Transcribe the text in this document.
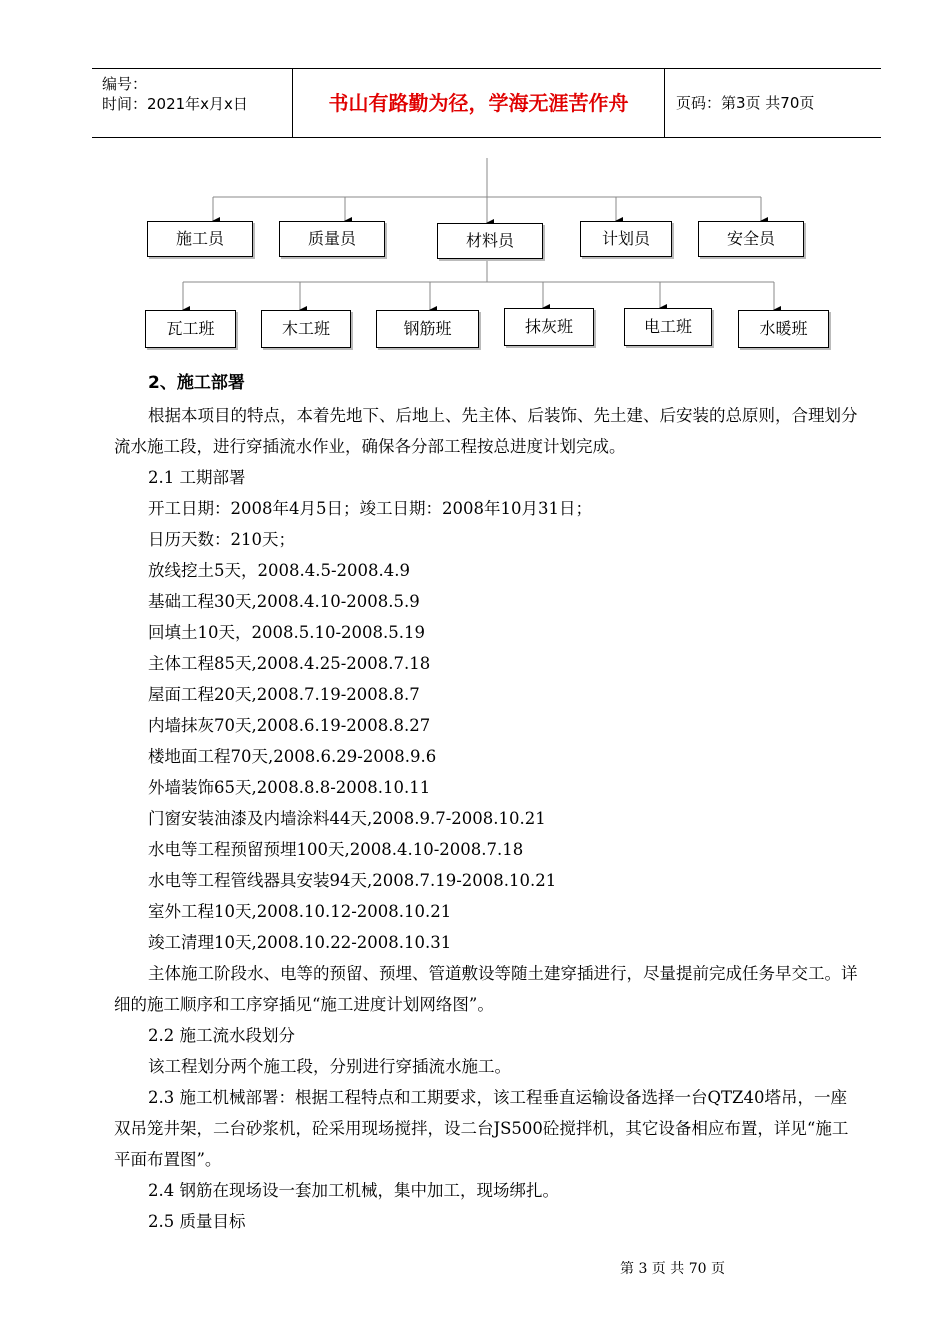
编号：
时间：2021年x月x日	书山有路勤为径，学海无涯苦作舟	页码：第3页 共70页
施工员	质量员	材料员	计划员	安全员
瓦工班	木工班	钢筋班	抹灰班	电工班	水暖班
2、施工部署

根据本项目的特点，本着先地下、后地上、先主体、后装饰、先土建、后安装的总原则，合理划分流水施工段，进行穿插流水作业，确保各分部工程按总进度计划完成。

2.1 工期部署

开工日期：2008年4月5日；竣工日期：2008年10月31日；

日历天数：210天；

放线挖土5天，2008.4.5-2008.4.9

基础工程30天,2008.4.10-2008.5.9

回填土10天，2008.5.10-2008.5.19

主体工程85天,2008.4.25-2008.7.18

屋面工程20天,2008.7.19-2008.8.7

内墙抹灰70天,2008.6.19-2008.8.27

楼地面工程70天,2008.6.29-2008.9.6

外墙装饰65天,2008.8.8-2008.10.11

门窗安装油漆及内墙涂料44天,2008.9.7-2008.10.21

水电等工程预留预埋100天,2008.4.10-2008.7.18

水电等工程管线器具安装94天,2008.7.19-2008.10.21

室外工程10天,2008.10.12-2008.10.21

竣工清理10天,2008.10.22-2008.10.31

主体施工阶段水、电等的预留、预埋、管道敷设等随土建穿插进行，尽量提前完成任务早交工。详细的施工顺序和工序穿插见“施工进度计划网络图”。

2.2 施工流水段划分

该工程划分两个施工段，分别进行穿插流水施工。

2.3 施工机械部署：根据工程特点和工期要求，该工程垂直运输设备选择一台QTZ40塔吊，一座双吊笼井架，二台砂浆机，砼采用现场搅拌，设二台JS500砼搅拌机，其它设备相应布置，详见“施工平面布置图”。

2.4 钢筋在现场设一套加工机械，集中加工，现场绑扎。

2.5 质量目标

第 3 页 共 70 页
